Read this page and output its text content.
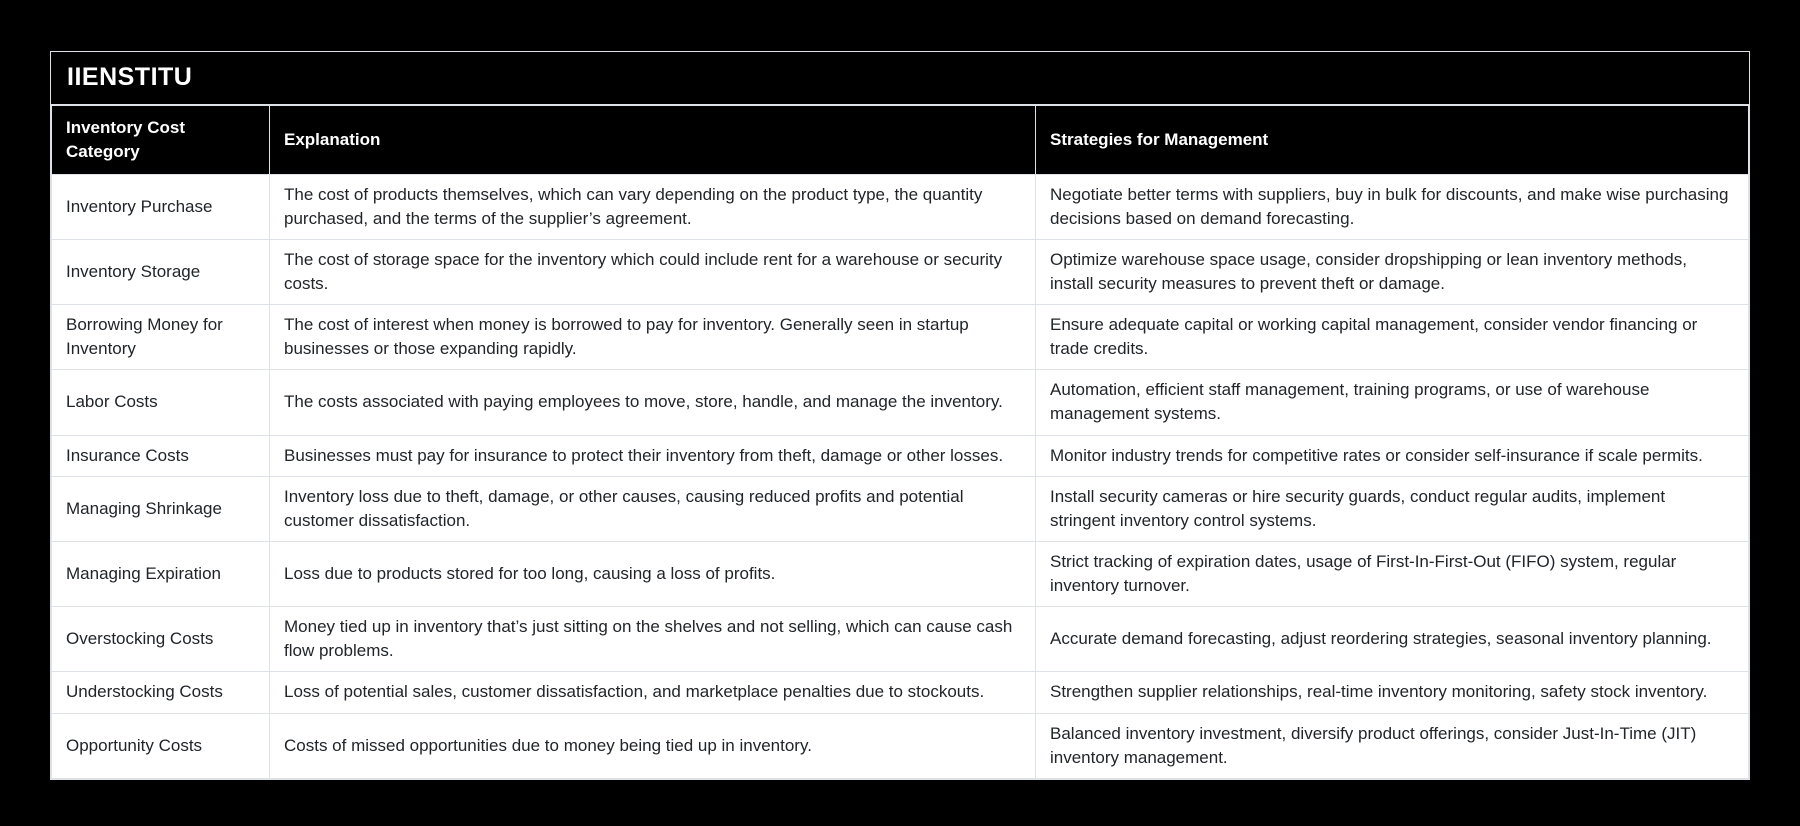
IIENSTITU
Inventory Cost Category	Explanation	Strategies for Management
Inventory Purchase	The cost of products themselves, which can vary depending on the product type, the quantity purchased, and the terms of the supplier’s agreement.	Negotiate better terms with suppliers, buy in bulk for discounts, and make wise purchasing decisions based on demand forecasting.
Inventory Storage	The cost of storage space for the inventory which could include rent for a warehouse or security costs.	Optimize warehouse space usage, consider dropshipping or lean inventory methods, install security measures to prevent theft or damage.
Borrowing Money for Inventory	The cost of interest when money is borrowed to pay for inventory. Generally seen in startup businesses or those expanding rapidly.	Ensure adequate capital or working capital management, consider vendor financing or trade credits.
Labor Costs	The costs associated with paying employees to move, store, handle, and manage the inventory.	Automation, efficient staff management, training programs, or use of warehouse management systems.
Insurance Costs	Businesses must pay for insurance to protect their inventory from theft, damage or other losses.	Monitor industry trends for competitive rates or consider self-insurance if scale permits.
Managing Shrinkage	Inventory loss due to theft, damage, or other causes, causing reduced profits and potential customer dissatisfaction.	Install security cameras or hire security guards, conduct regular audits, implement stringent inventory control systems.
Managing Expiration	Loss due to products stored for too long, causing a loss of profits.	Strict tracking of expiration dates, usage of First-In-First-Out (FIFO) system, regular inventory turnover.
Overstocking Costs	Money tied up in inventory that’s just sitting on the shelves and not selling, which can cause cash flow problems.	Accurate demand forecasting, adjust reordering strategies, seasonal inventory planning.
Understocking Costs	Loss of potential sales, customer dissatisfaction, and marketplace penalties due to stockouts.	Strengthen supplier relationships, real-time inventory monitoring, safety stock inventory.
Opportunity Costs	Costs of missed opportunities due to money being tied up in inventory.	Balanced inventory investment, diversify product offerings, consider Just-In-Time (JIT) inventory management.
